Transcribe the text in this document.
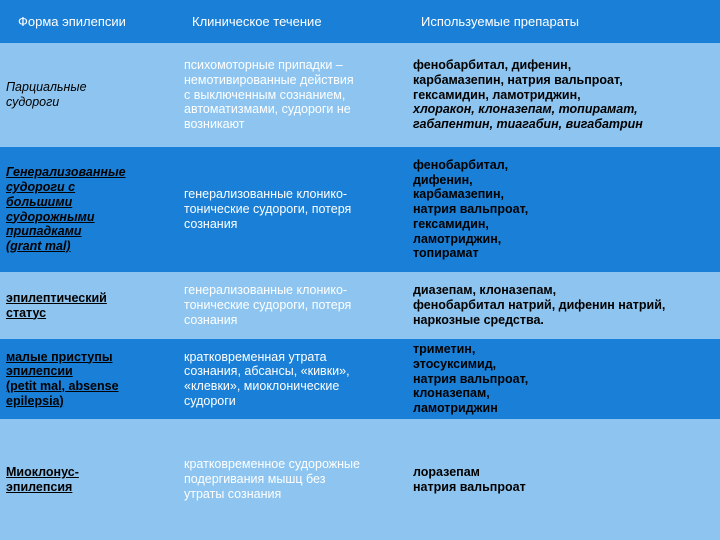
Форма эпилепсии	Клиническое течение	Используемые препараты
Парциальные
судороги
психомоторные припадки –
немотивированные действия
с выключенным сознанием,
автоматизмами, судороги не
возникают
фенобарбитал, дифенин,
карбамазепин, натрия вальпроат,
гексамидин, ламотриджин,
хлоракон, клоназепам, топирамат,
габапентин, тиагабин, вигабатрин
Генерализованные
судороги с
большими
судорожными
припадками
(grant mal)
генерализованные клонико-
тонические судороги, потеря
сознания
фенобарбитал,
дифенин,
карбамазепин,
натрия вальпроат,
гексамидин,
ламотриджин,
топирамат
эпилептический
статус
генерализованные клонико-
тонические судороги, потеря
сознания
диазепам, клоназепам,
фенобарбитал натрий, дифенин натрий,
наркозные средства.
малые приступы
эпилепсии
(petit mal, absense
epilepsia)
кратковременная утрата
сознания, абсансы, «кивки»,
«клевки», миоклонические
судороги
триметин,
этосуксимид,
натрия вальпроат,
клоназепам,
ламотриджин
Миоклонус-
эпилепсия
кратковременное судорожные
подергивания мышц без
утраты сознания
лоразепам
натрия вальпроат
